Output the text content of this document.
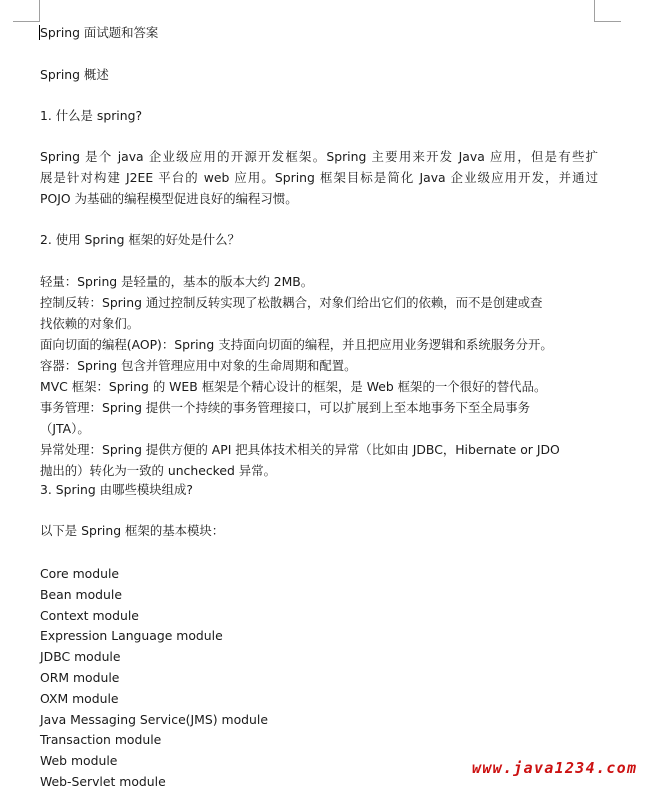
Spring 面试题和答案

Spring 概述

1. 什么是 spring?

Spring 是个 java 企业级应用的开源开发框架。Spring 主要用来开发 Java 应用，但是有些扩
展是针对构建 J2EE 平台的 web 应用。Spring 框架目标是简化 Java 企业级应用开发，并通过
POJO 为基础的编程模型促进良好的编程习惯。

2. 使用 Spring 框架的好处是什么？

轻量：Spring 是轻量的，基本的版本大约 2MB。
控制反转：Spring 通过控制反转实现了松散耦合，对象们给出它们的依赖，而不是创建或查
找依赖的对象们。
面向切面的编程(AOP)：Spring 支持面向切面的编程，并且把应用业务逻辑和系统服务分开。
容器：Spring 包含并管理应用中对象的生命周期和配置。
MVC 框架：Spring 的 WEB 框架是个精心设计的框架，是 Web 框架的一个很好的替代品。
事务管理：Spring 提供一个持续的事务管理接口，可以扩展到上至本地事务下至全局事务
（JTA）。
异常处理：Spring 提供方便的 API 把具体技术相关的异常（比如由 JDBC，Hibernate or JDO
抛出的）转化为一致的 unchecked 异常。

3. Spring 由哪些模块组成?

以下是 Spring 框架的基本模块：

Core module
Bean module
Context module
Expression Language module
JDBC module
ORM module
OXM module
Java Messaging Service(JMS) module
Transaction module
Web module
Web-Servlet module
www.java1234.com
